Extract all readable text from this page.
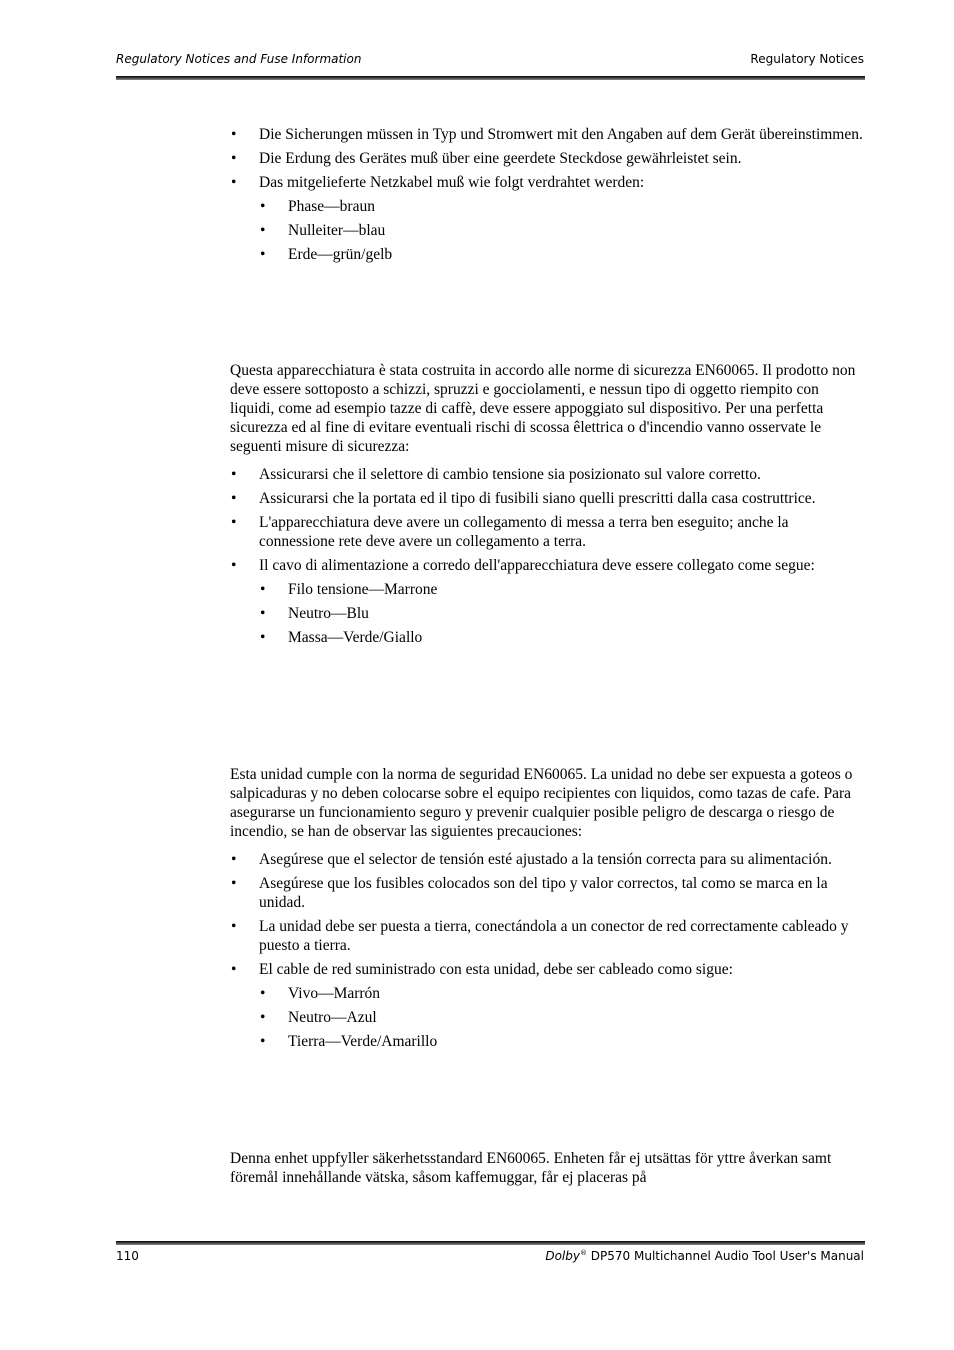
Regulatory Notices and Fuse Information	Regulatory Notices
• Die Sicherungen müssen in Typ und Stromwert mit den Angaben auf dem Gerät übereinstimmen.
• Die Erdung des Gerätes muß über eine geerdete Steckdose gewährleistet sein.
• Das mitgelieferte Netzkabel muß wie folgt verdrahtet werden:
• Phase—braun
• Nulleiter—blau
• Erde—grün/gelb

Questa apparecchiatura è stata costruita in accordo alle norme di sicurezza EN60065. Il prodotto non deve essere sottoposto a schizzi, spruzzi e gocciolamenti, e nessun tipo di oggetto riempito con liquidi, come ad esempio tazze di caffè, deve essere appoggiato sul dispositivo. Per una perfetta sicurezza ed al fine di evitare eventuali rischi di scossa êlettrica o d'incendio vanno osservate le seguenti misure di sicurezza:

• Assicurarsi che il selettore di cambio tensione sia posizionato sul valore corretto.
• Assicurarsi che la portata ed il tipo di fusibili siano quelli prescritti dalla casa costruttrice.
• L'apparecchiatura deve avere un collegamento di messa a terra ben eseguito; anche la connessione rete deve avere un collegamento a terra.
• Il cavo di alimentazione a corredo dell'apparecchiatura deve essere collegato come segue:
• Filo tensione—Marrone
• Neutro—Blu
• Massa—Verde/Giallo

Esta unidad cumple con la norma de seguridad EN60065. La unidad no debe ser expuesta a goteos o salpicaduras y no deben colocarse sobre el equipo recipientes con liquidos, como tazas de cafe. Para asegurarse un funcionamiento seguro y prevenir cualquier posible peligro de descarga o riesgo de incendio, se han de observar las siguientes precauciones:

• Asegúrese que el selector de tensión esté ajustado a la tensión correcta para su alimentación.
• Asegúrese que los fusibles colocados son del tipo y valor correctos, tal como se marca en la unidad.
• La unidad debe ser puesta a tierra, conectándola a un conector de red correctamente cableado y puesto a tierra.
• El cable de red suministrado con esta unidad, debe ser cableado como sigue:
• Vivo—Marrón
• Neutro—Azul
• Tierra—Verde/Amarillo

Denna enhet uppfyller säkerhetsstandard EN60065. Enheten får ej utsättas för yttre åverkan samt föremål innehållande vätska, såsom kaffemuggar, får ej placeras på

110	Dolby® DP570 Multichannel Audio Tool User's Manual
